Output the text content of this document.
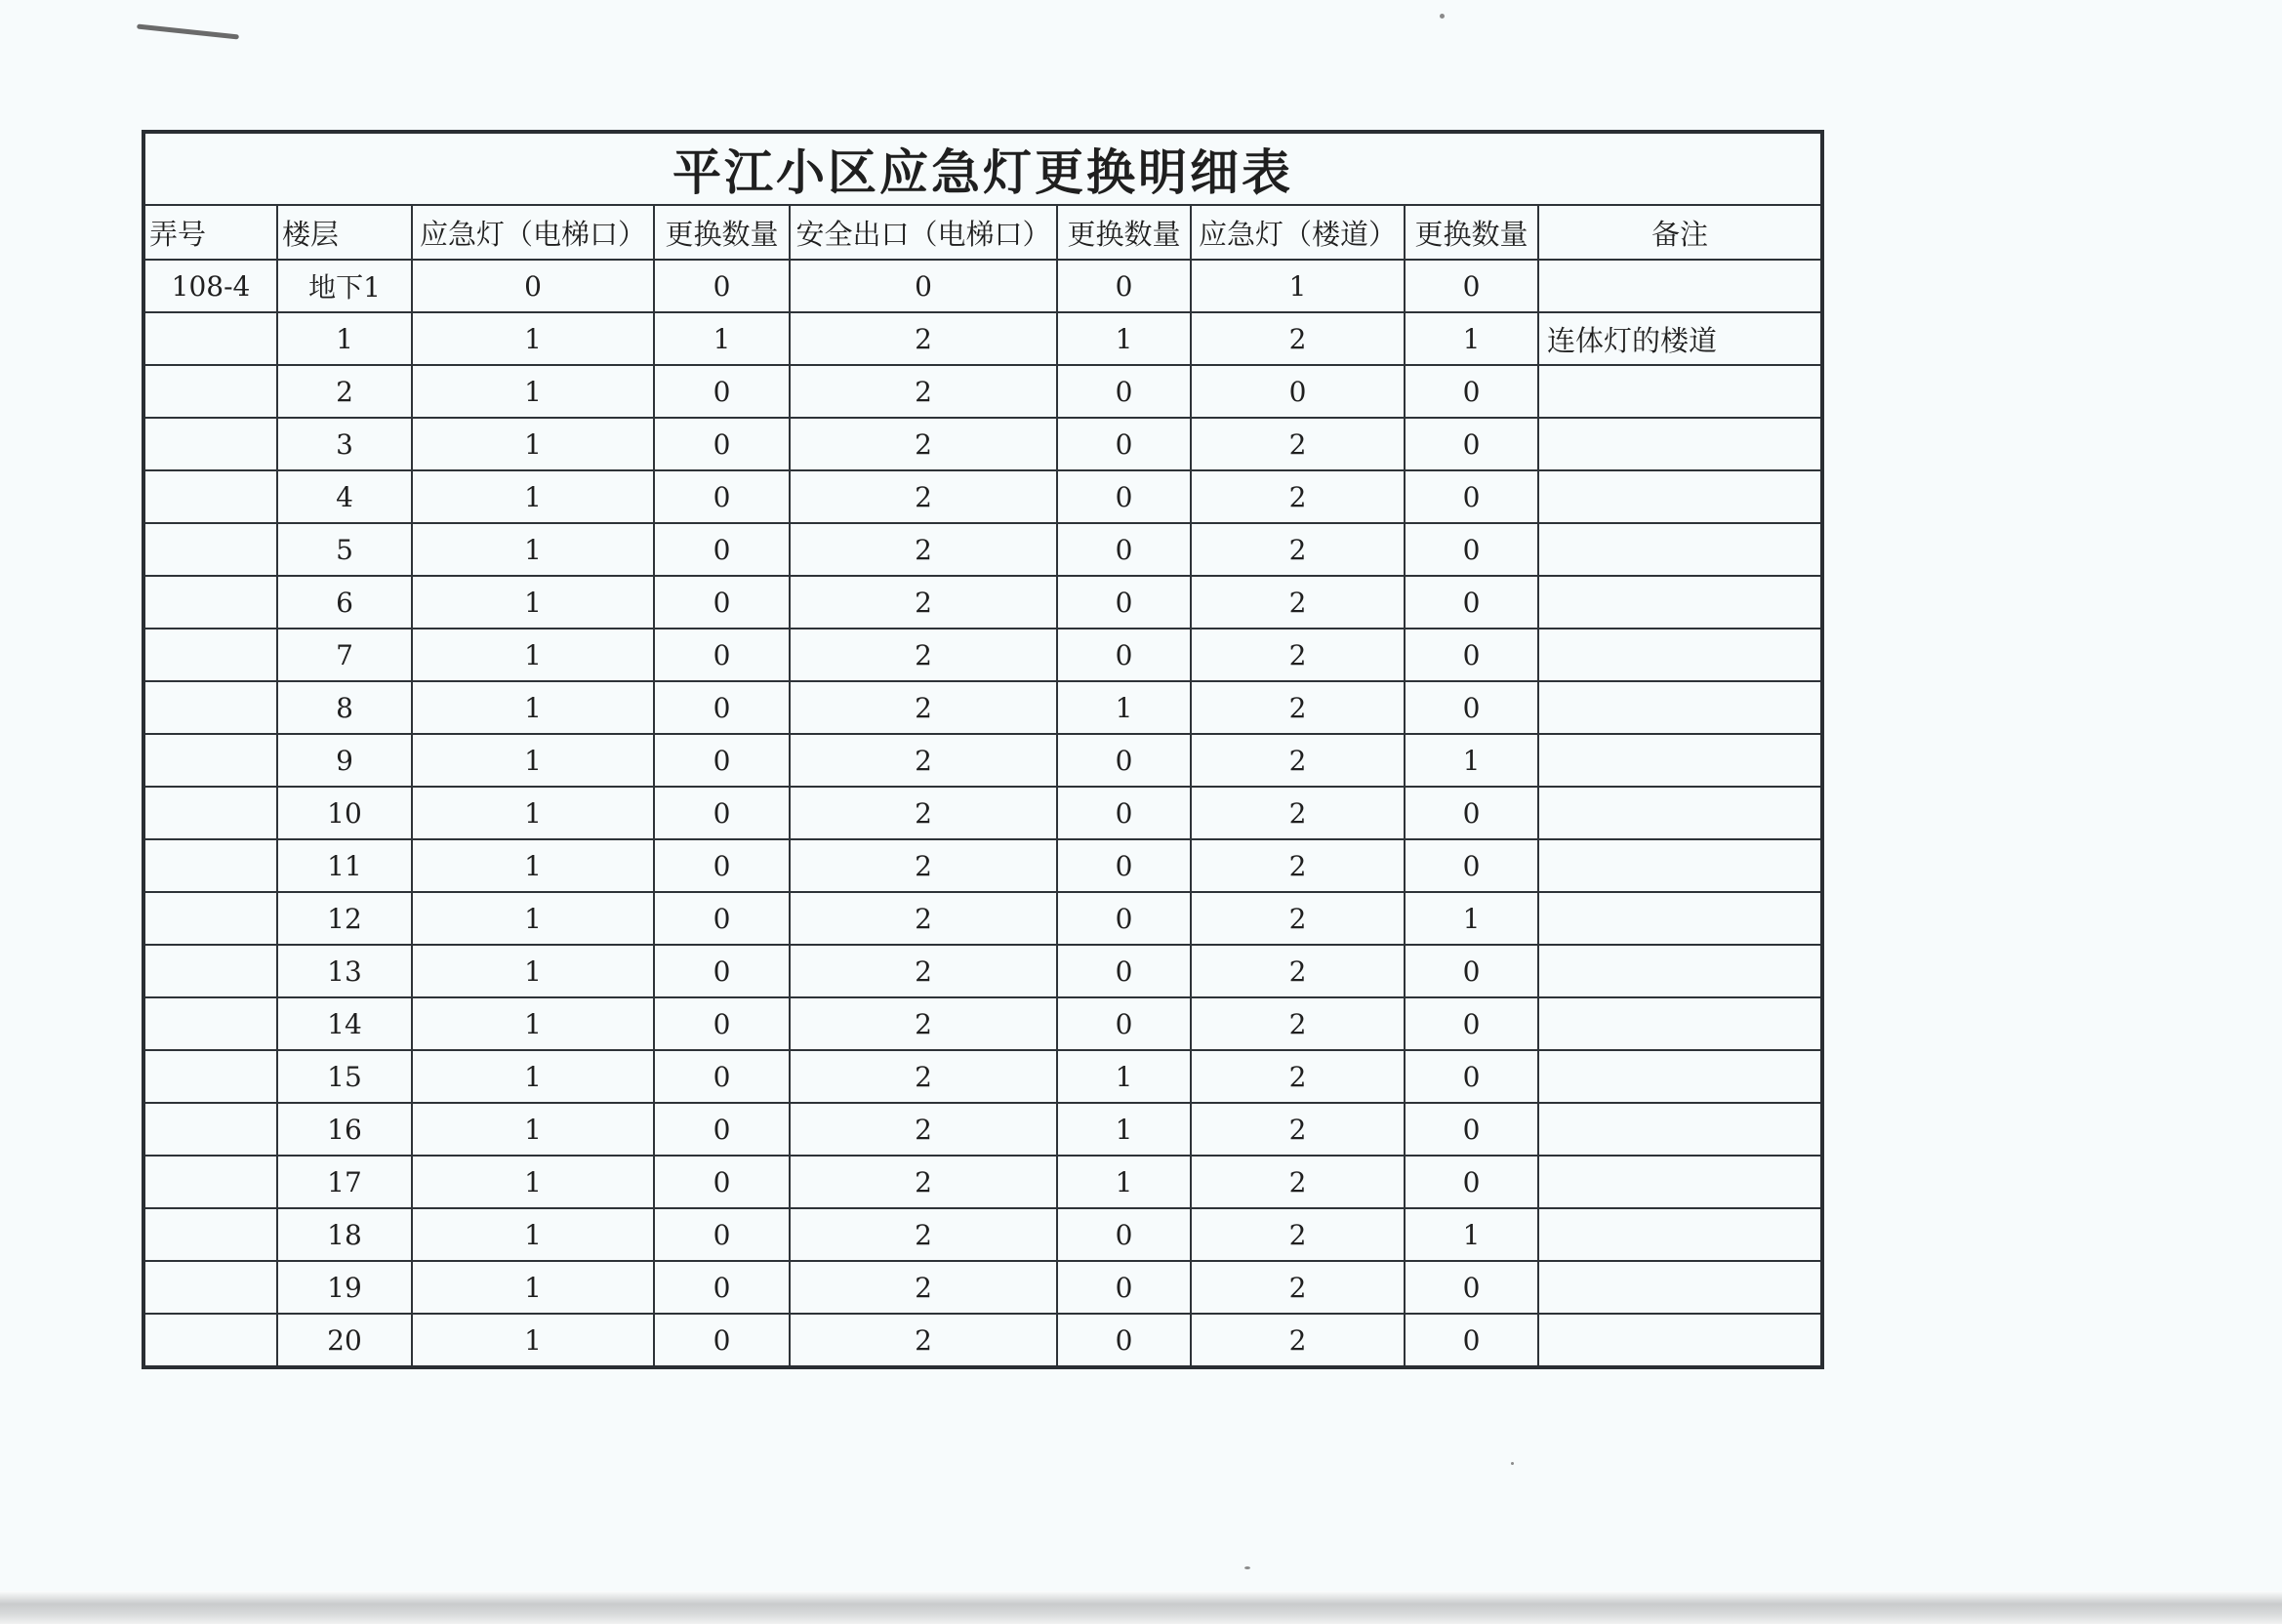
平江小区应急灯更换明细表								
弄号	楼层	应急灯（电梯口）	更换数量	安全出口（电梯口）	更换数量	应急灯（楼道）	更换数量	备注
108-4	地下1	0	0	0	0	1	0	
	1	1	1	2	1	2	1	连体灯的楼道
	2	1	0	2	0	0	0	
	3	1	0	2	0	2	0	
	4	1	0	2	0	2	0	
	5	1	0	2	0	2	0	
	6	1	0	2	0	2	0	
	7	1	0	2	0	2	0	
	8	1	0	2	1	2	0	
	9	1	0	2	0	2	1	
	10	1	0	2	0	2	0	
	11	1	0	2	0	2	0	
	12	1	0	2	0	2	1	
	13	1	0	2	0	2	0	
	14	1	0	2	0	2	0	
	15	1	0	2	1	2	0	
	16	1	0	2	1	2	0	
	17	1	0	2	1	2	0	
	18	1	0	2	0	2	1	
	19	1	0	2	0	2	0	
	20	1	0	2	0	2	0	
